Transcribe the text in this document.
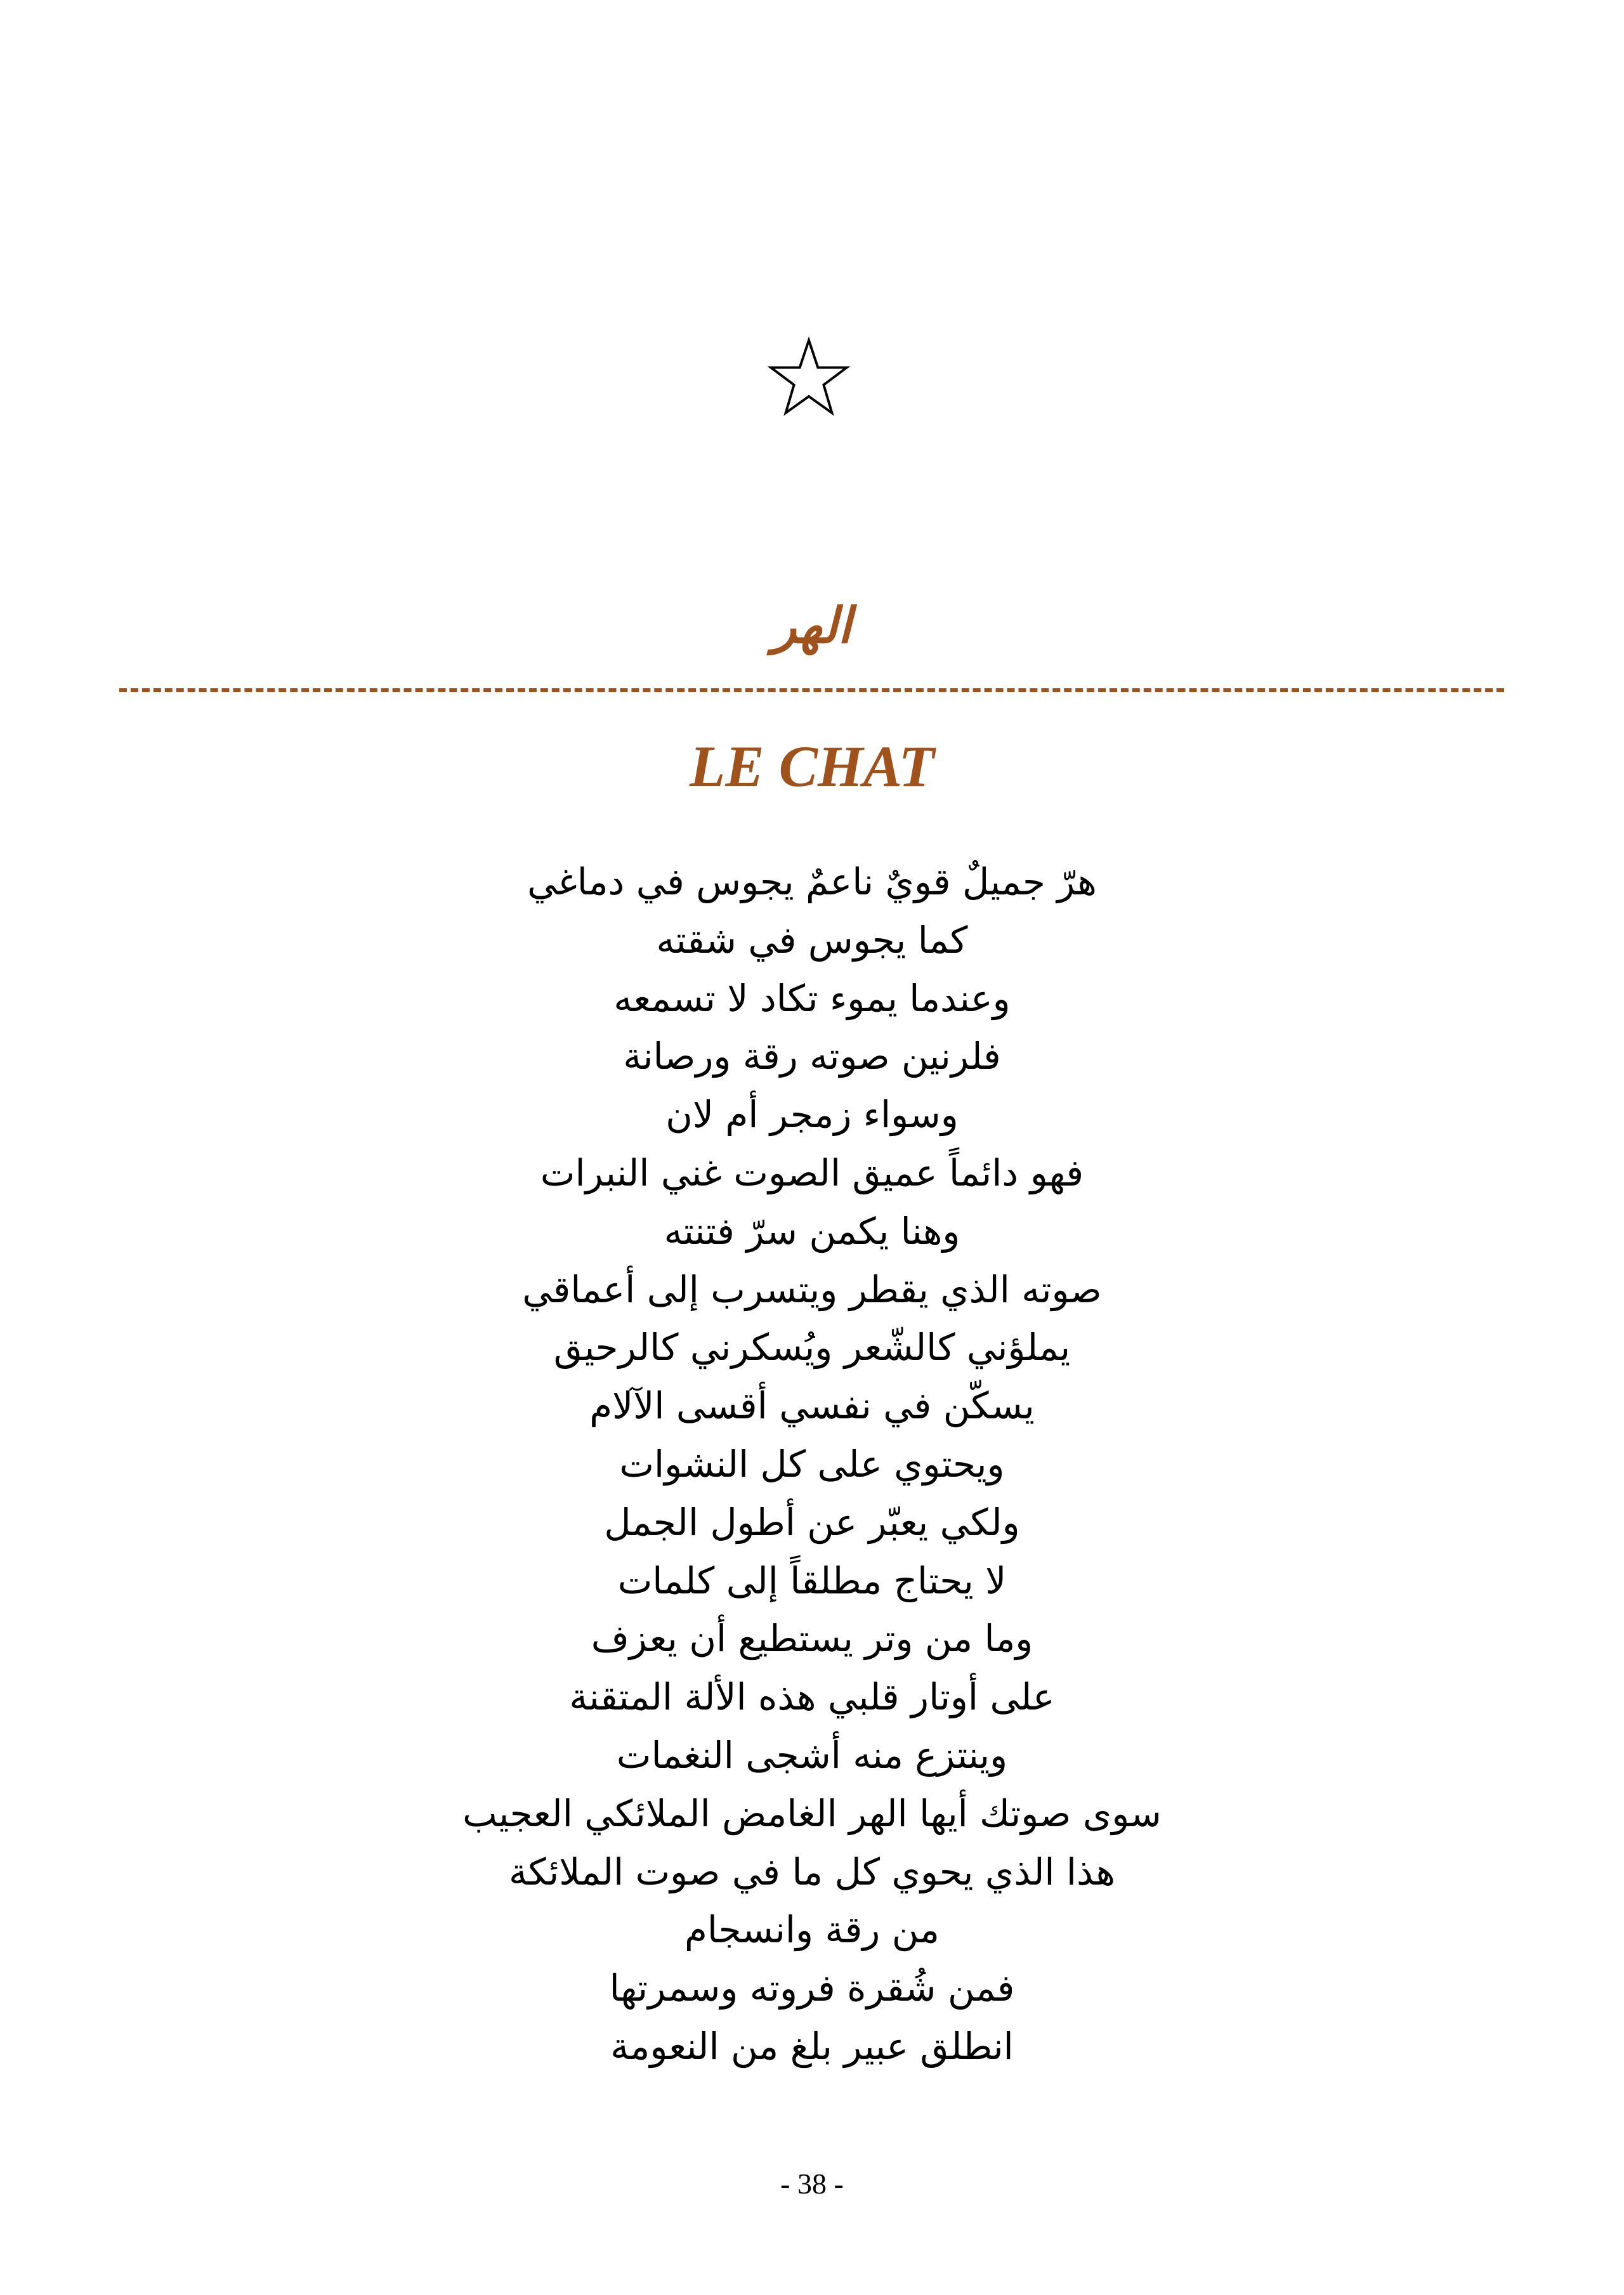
الهر
LE CHAT
هرّ جميلٌ قويٌ ناعمٌ يجوس في دماغي
كما يجوس في شقته
وعندما يموء تكاد لا تسمعه
فلرنين صوته رقة ورصانة
وسواء زمجر أم لان
فهو دائماً عميق الصوت غني النبرات
وهنا يكمن سرّ فتنته
صوته الذي يقطر ويتسرب إلى أعماقي
يملؤني كالشّعر ويُسكرني كالرحيق
يسكّن في نفسي أقسى الآلام
ويحتوي على كل النشوات
ولكي يعبّر عن أطول الجمل
لا يحتاج مطلقاً إلى كلمات
وما من وتر يستطيع أن يعزف
على أوتار قلبي هذه الألة المتقنة
وينتزع منه أشجى النغمات
سوى صوتك أيها الهر الغامض الملائكي العجيب
هذا الذي يحوي كل ما في صوت الملائكة
من رقة وانسجام
فمن شُقرة فروته وسمرتها
انطلق عبير بلغ من النعومة
- 38 -
